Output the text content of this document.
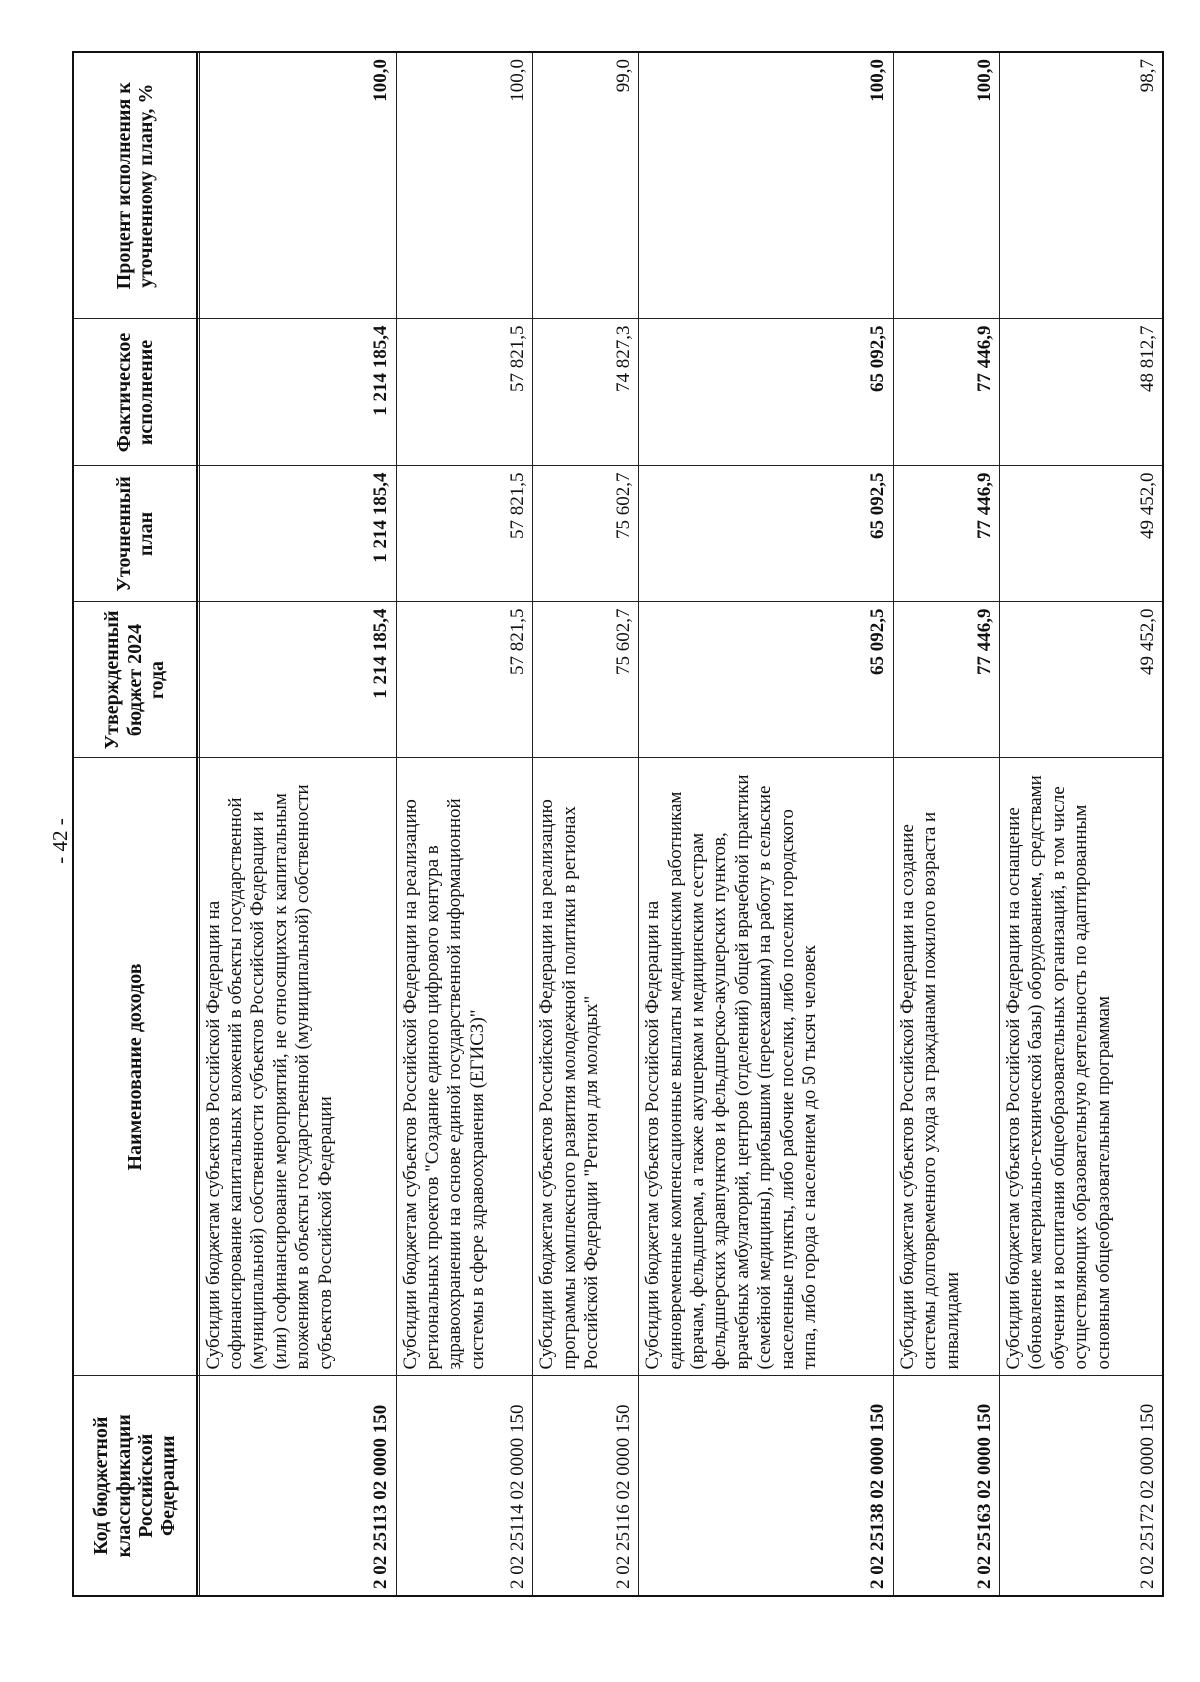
- 42 -
Код бюджетной классификации Российской Федерации	Наименование доходов	Утвержденный бюджет 2024 года	Уточненный план	Фактическое исполнение	Процент исполнения к уточненному плану, %

2 02 25113 02 0000 150	Субсидии бюджетам субъектов Российской Федерации на софинансирование капитальных вложений в объекты государственной (муниципальной) собственности субъектов Российской Федерации и (или) софинансирование мероприятий, не относящихся к капитальным вложениям в объекты государственной (муниципальной) собственности субъектов Российской Федерации	1 214 185,4	1 214 185,4	1 214 185,4	100,0
2 02 25114 02 0000 150	Субсидии бюджетам субъектов Российской Федерации на реализацию региональных проектов "Создание единого цифрового контура в здравоохранении на основе единой государственной информационной системы в сфере здравоохранения (ЕГИСЗ)"	57 821,5	57 821,5	57 821,5	100,0
2 02 25116 02 0000 150	Субсидии бюджетам субъектов Российской Федерации на реализацию программы комплексного развития молодежной политики в регионах Российской Федерации "Регион для молодых"	75 602,7	75 602,7	74 827,3	99,0
2 02 25138 02 0000 150	Субсидии бюджетам субъектов Российской Федерации на единовременные компенсационные выплаты медицинским работникам (врачам, фельдшерам, а также акушеркам и медицинским сестрам фельдшерских здравпунктов и фельдшерско-акушерских пунктов, врачебных амбулаторий, центров (отделений) общей врачебной практики (семейной медицины), прибывшим (переехавшим) на работу в сельские населенные пункты, либо рабочие поселки, либо поселки городского типа, либо города с населением до 50 тысяч человек	65 092,5	65 092,5	65 092,5	100,0
2 02 25163 02 0000 150	Субсидии бюджетам субъектов Российской Федерации на создание системы долговременного ухода за гражданами пожилого возраста и инвалидами	77 446,9	77 446,9	77 446,9	100,0
2 02 25172 02 0000 150	Субсидии бюджетам субъектов Российской Федерации на оснащение (обновление материально-технической базы) оборудованием, средствами обучения и воспитания общеобразовательных организаций, в том числе осуществляющих образовательную деятельность по адаптированным основным общеобразовательным программам	49 452,0	49 452,0	48 812,7	98,7
